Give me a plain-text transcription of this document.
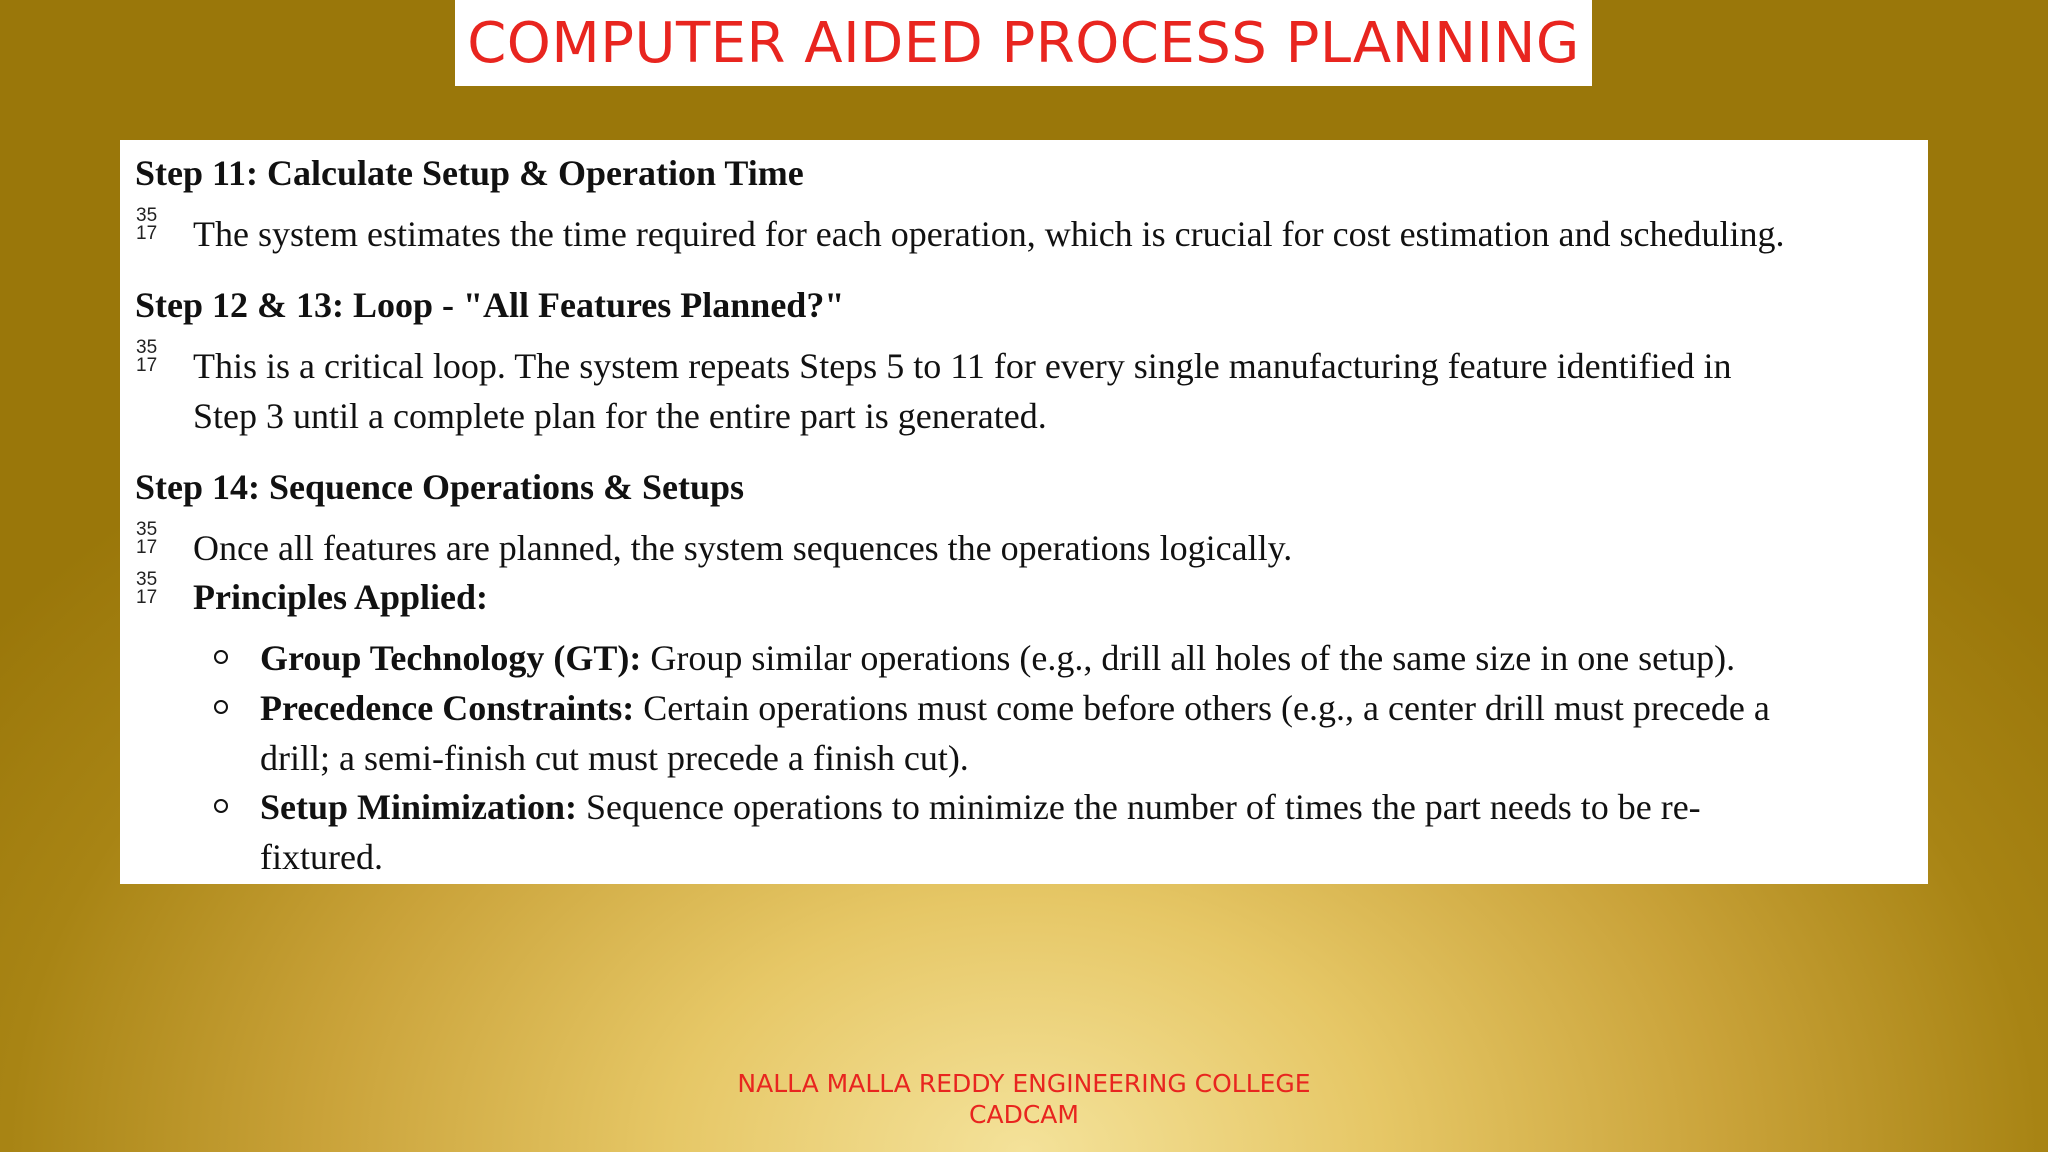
COMPUTER AIDED PROCESS PLANNING
Step 11: Calculate Setup & Operation Time
35
17 The system estimates the time required for each operation, which is crucial for cost estimation and scheduling.
Step 12 & 13: Loop - "All Features Planned?"
35
17 This is a critical loop. The system repeats Steps 5 to 11 for every single manufacturing feature identified in
Step 3 until a complete plan for the entire part is generated.
Step 14: Sequence Operations & Setups
35
17 Once all features are planned, the system sequences the operations logically.
35
17 Principles Applied:
Group Technology (GT): Group similar operations (e.g., drill all holes of the same size in one setup).
Precedence Constraints: Certain operations must come before others (e.g., a center drill must precede a
drill; a semi-finish cut must precede a finish cut).
Setup Minimization: Sequence operations to minimize the number of times the part needs to be re-
fixtured.
NALLA MALLA REDDY ENGINEERING COLLEGE
CADCAM
